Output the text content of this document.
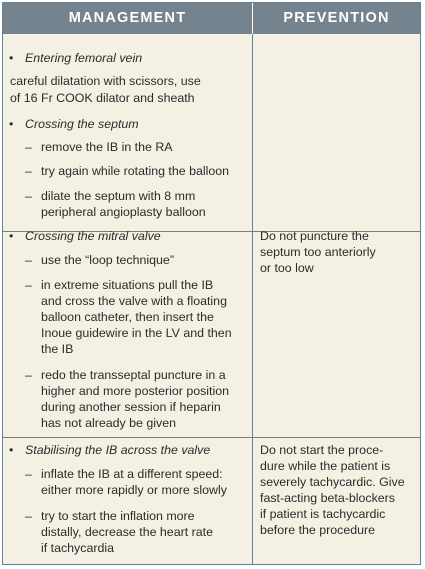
MANAGEMENT	PREVENTION
• Entering femoral vein
careful dilatation with scissors, use
of 16 Fr COOK dilator and sheath
• Crossing the septum
– remove the IB in the RA
– try again while rotating the balloon
– dilate the septum with 8 mm
peripheral angioplasty balloon
• Crossing the mitral valve
– use the “loop technique”
– in extreme situations pull the IB
and cross the valve with a floating
balloon catheter, then insert the
Inoue guidewire in the LV and then
the IB
– redo the transseptal puncture in a
higher and more posterior position
during another session if heparin
has not already be given
Do not puncture the
septum too anteriorly
or too low
• Stabilising the IB across the valve
– inflate the IB at a different speed:
either more rapidly or more slowly
– try to start the inflation more
distally, decrease the heart rate
if tachycardia
Do not start the proce-
dure while the patient is
severely tachycardic. Give
fast-acting beta-blockers
if patient is tachycardic
before the procedure
